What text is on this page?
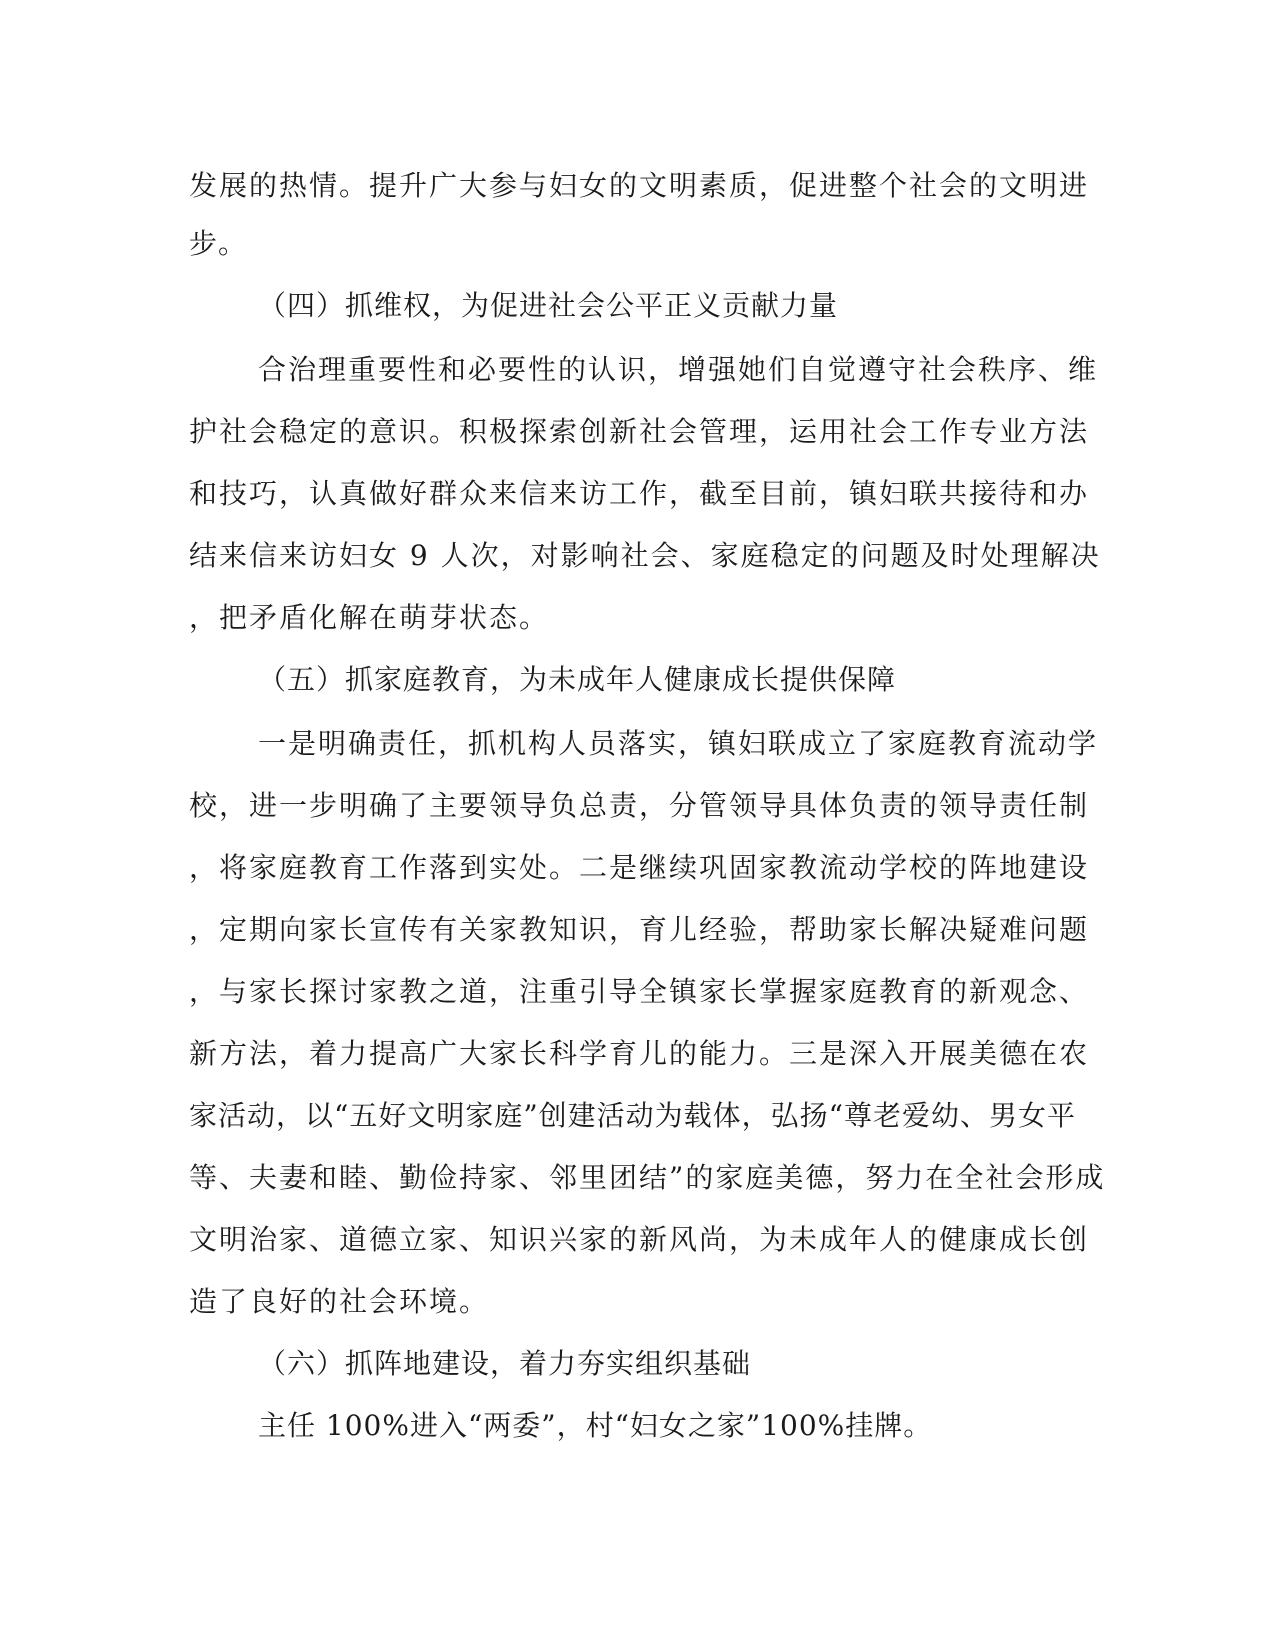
发展的热情。提升广大参与妇女的文明素质，促进整个社会的文明进

步。

（四）抓维权，为促进社会公平正义贡献力量

合治理重要性和必要性的认识，增强她们自觉遵守社会秩序、维

护社会稳定的意识。积极探索创新社会管理，运用社会工作专业方法

和技巧，认真做好群众来信来访工作，截至目前，镇妇联共接待和办

结来信来访妇女 9 人次，对影响社会、家庭稳定的问题及时处理解决

，把矛盾化解在萌芽状态。

（五）抓家庭教育，为未成年人健康成长提供保障

一是明确责任，抓机构人员落实，镇妇联成立了家庭教育流动学

校，进一步明确了主要领导负总责，分管领导具体负责的领导责任制

，将家庭教育工作落到实处。二是继续巩固家教流动学校的阵地建设

，定期向家长宣传有关家教知识，育儿经验，帮助家长解决疑难问题

，与家长探讨家教之道，注重引导全镇家长掌握家庭教育的新观念、

新方法，着力提高广大家长科学育儿的能力。三是深入开展美德在农

家活动，以“五好文明家庭”创建活动为载体，弘扬“尊老爱幼、男女平

等、夫妻和睦、勤俭持家、邻里团结”的家庭美德，努力在全社会形成

文明治家、道德立家、知识兴家的新风尚，为未成年人的健康成长创

造了良好的社会环境。

（六）抓阵地建设，着力夯实组织基础

主任 100%进入“两委”，村“妇女之家”100%挂牌。
